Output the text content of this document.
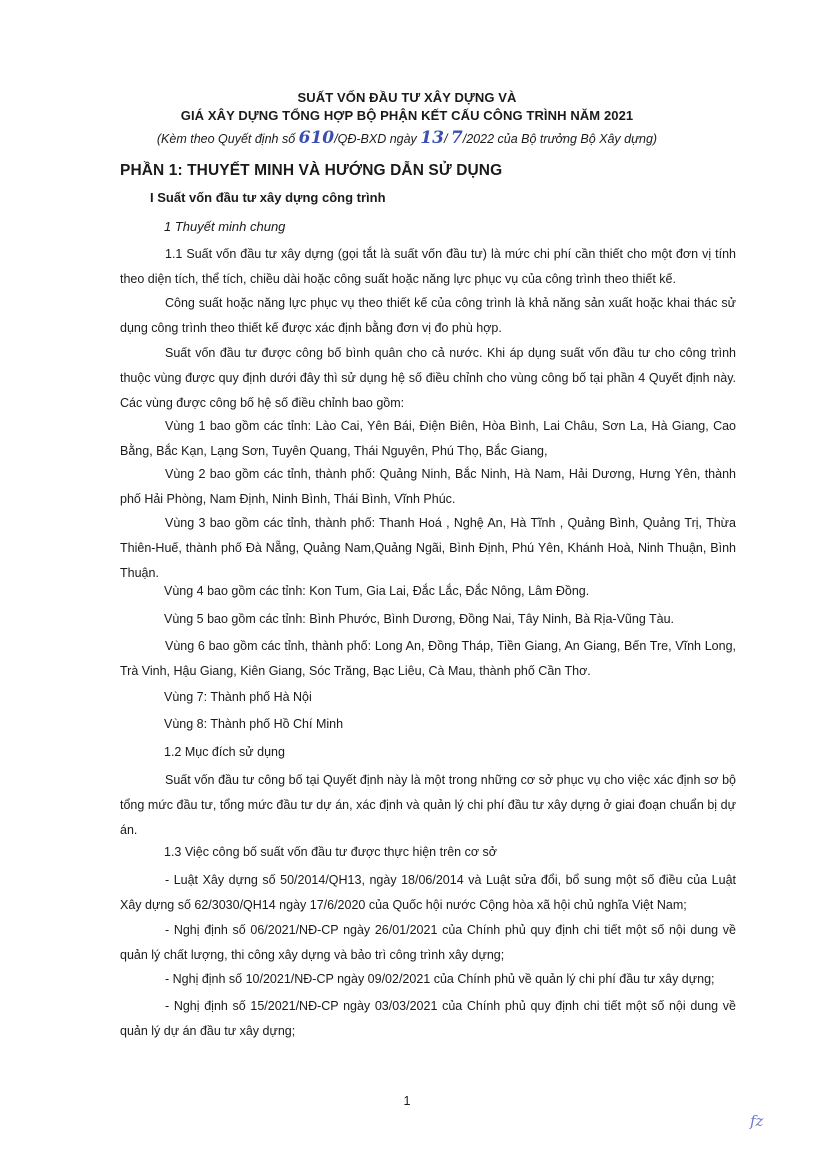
SUẤT VỐN ĐẦU TƯ XÂY DỰNG VÀ
GIÁ XÂY DỰNG TỔNG HỢP BỘ PHẬN KẾT CẤU CÔNG TRÌNH NĂM 2021
(Kèm theo Quyết định số 610/QĐ-BXD ngày 13/ 7/2022 của Bộ trưởng Bộ Xây dựng)
PHẦN 1: THUYẾT MINH VÀ HƯỚNG DẪN SỬ DỤNG
I Suất vốn đầu tư xây dựng công trình
1 Thuyết minh chung

1.1 Suất vốn đầu tư xây dựng (gọi tắt là suất vốn đầu tư) là mức chi phí cần thiết cho một đơn vị tính theo diện tích, thể tích, chiều dài hoặc công suất hoặc năng lực phục vụ của công trình theo thiết kế.

Công suất hoặc năng lực phục vụ theo thiết kế của công trình là khả năng sản xuất hoặc khai thác sử dụng công trình theo thiết kế được xác định bằng đơn vị đo phù hợp.

Suất vốn đầu tư được công bố bình quân cho cả nước. Khi áp dụng suất vốn đầu tư cho công trình thuộc vùng được quy định dưới đây thì sử dụng hệ số điều chỉnh cho vùng công bố tại phần 4 Quyết định này. Các vùng được công bố hệ số điều chỉnh bao gồm:

Vùng 1 bao gồm các tỉnh: Lào Cai, Yên Bái, Điện Biên, Hòa Bình, Lai Châu, Sơn La, Hà Giang, Cao Bằng, Bắc Kạn, Lạng Sơn, Tuyên Quang, Thái Nguyên, Phú Thọ, Bắc Giang,

Vùng 2 bao gồm các tỉnh, thành phố: Quảng Ninh, Bắc Ninh, Hà Nam, Hải Dương, Hưng Yên, thành phố Hải Phòng, Nam Định, Ninh Bình, Thái Bình, Vĩnh Phúc.

Vùng 3 bao gồm các tỉnh, thành phố: Thanh Hoá , Nghệ An, Hà Tĩnh , Quảng Bình, Quảng Trị, Thừa Thiên-Huế, thành phố Đà Nẵng, Quảng Nam,Quảng Ngãi, Bình Định, Phú Yên, Khánh Hoà, Ninh Thuận, Bình Thuận.

Vùng 4 bao gồm các tỉnh: Kon Tum, Gia Lai, Đắc Lắc, Đắc Nông, Lâm Đồng.
Vùng 5 bao gồm các tỉnh: Bình Phước, Bình Dương, Đồng Nai, Tây Ninh, Bà Rịa-Vũng Tàu.

Vùng 6 bao gồm các tỉnh, thành phố: Long An, Đồng Tháp, Tiền Giang, An Giang, Bến Tre, Vĩnh Long, Trà Vinh, Hậu Giang, Kiên Giang, Sóc Trăng, Bạc Liêu, Cà Mau, thành phố Cần Thơ.

Vùng 7: Thành phố Hà Nội
Vùng 8: Thành phố Hồ Chí Minh
1.2 Mục đích sử dụng

Suất vốn đầu tư công bố tại Quyết định này là một trong những cơ sở phục vụ cho việc xác định sơ bộ tổng mức đầu tư, tổng mức đầu tư dự án, xác định và quản lý chi phí đầu tư xây dựng ở giai đoạn chuẩn bị dự án.

1.3 Việc công bố suất vốn đầu tư được thực hiện trên cơ sở

- Luật Xây dựng số 50/2014/QH13, ngày 18/06/2014 và Luật sửa đổi, bổ sung một số điều của Luật Xây dựng số 62/3030/QH14 ngày 17/6/2020 của Quốc hội nước Cộng hòa xã hội chủ nghĩa Việt Nam;

- Nghị định số 06/2021/NĐ-CP ngày 26/01/2021 của Chính phủ quy định chi tiết một số nội dung về quản lý chất lượng, thi công xây dựng và bảo trì công trình xây dựng;

- Nghị định số 10/2021/NĐ-CP ngày 09/02/2021 của Chính phủ về quản lý chi phí đầu tư xây dựng;

- Nghị định số 15/2021/NĐ-CP ngày 03/03/2021 của Chính phủ quy định chi tiết một số nội dung về quản lý dự án đầu tư xây dựng;

1
fz
